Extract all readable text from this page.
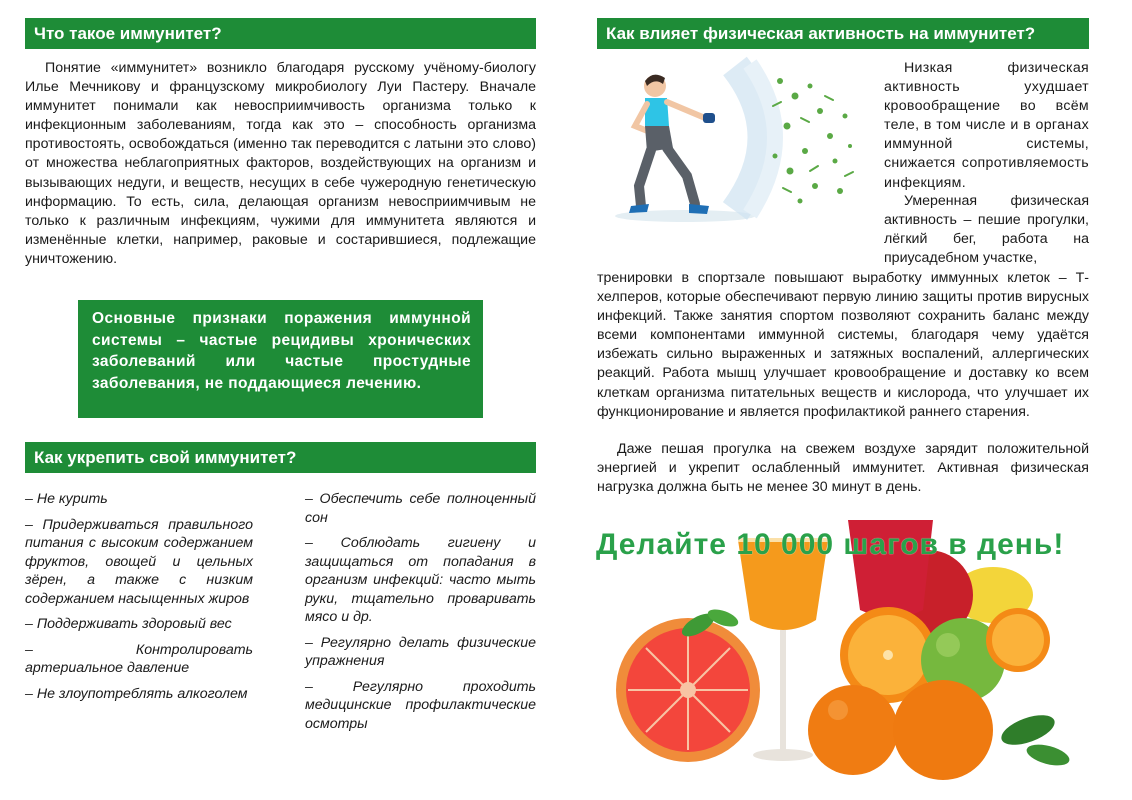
Что такое иммунитет?

Понятие «иммунитет» возникло благодаря русскому учёному-биологу Илье Мечникову и французскому микробиологу Луи Пастеру. Вначале иммунитет понимали как невосприимчивость организма только к инфекционным заболеваниям, тогда как это – способность организма противостоять, освобождаться (именно так переводится с латыни это слово) от множества неблагоприятных факторов, воздействующих на организм и вызывающих недуги, и веществ, несущих в себе чужеродную генетическую информацию. То есть, сила, делающая организм невосприимчивым не только к различным инфекциям, чужими для иммунитета являются и изменённые клетки, например, раковые и состарившиеся, подлежащие уничтожению.

Основные признаки поражения иммунной системы – частые рецидивы хронических заболеваний или частые простудные заболевания, не поддающиеся лечению.
Как укрепить свой иммунитет?
– Не курить
– Придерживаться правильного питания с высоким содержанием фруктов, овощей и цельных зёрен, а также с низким содержанием насыщенных жиров
– Поддерживать здоровый вес
– Контролировать артериальное давление
– Не злоупотреблять алкоголем
– Обеспечить себе полноценный сон
– Соблюдать гигиену и защищаться от попадания в организм инфекций: часто мыть руки, тщательно проваривать мясо и др.
– Регулярно делать физические упражнения
– Регулярно проходить медицинские профилактические осмотры
Как влияет физическая активность на иммунитет?

Низкая физическая активность ухудшает кровообращение во всём теле, в том числе и в органах иммунной системы, снижается сопротивляемость инфекциям.

Умеренная физическая активность – пешие прогулки, лёгкий бег, работа на приусадебном участке,

тренировки в спортзале повышают выработку иммунных клеток – Т-хелперов, которые обеспечивают первую линию защиты против вирусных инфекций. Также занятия спортом позволяют сохранить баланс между всеми компонентами иммунной системы, благодаря чему удаётся избежать сильно выраженных и затяжных воспалений, аллергических реакций. Работа мышц улучшает кровообращение и доставку ко всем клеткам организма питательных веществ и кислорода, что улучшает их функционирование и является профилактикой раннего старения.

Даже пешая прогулка на свежем воздухе зарядит положительной энергией и укрепит ослабленный иммунитет. Активная физическая нагрузка должна быть не менее 30 минут в день.

Делайте 10 000 шагов в день!
